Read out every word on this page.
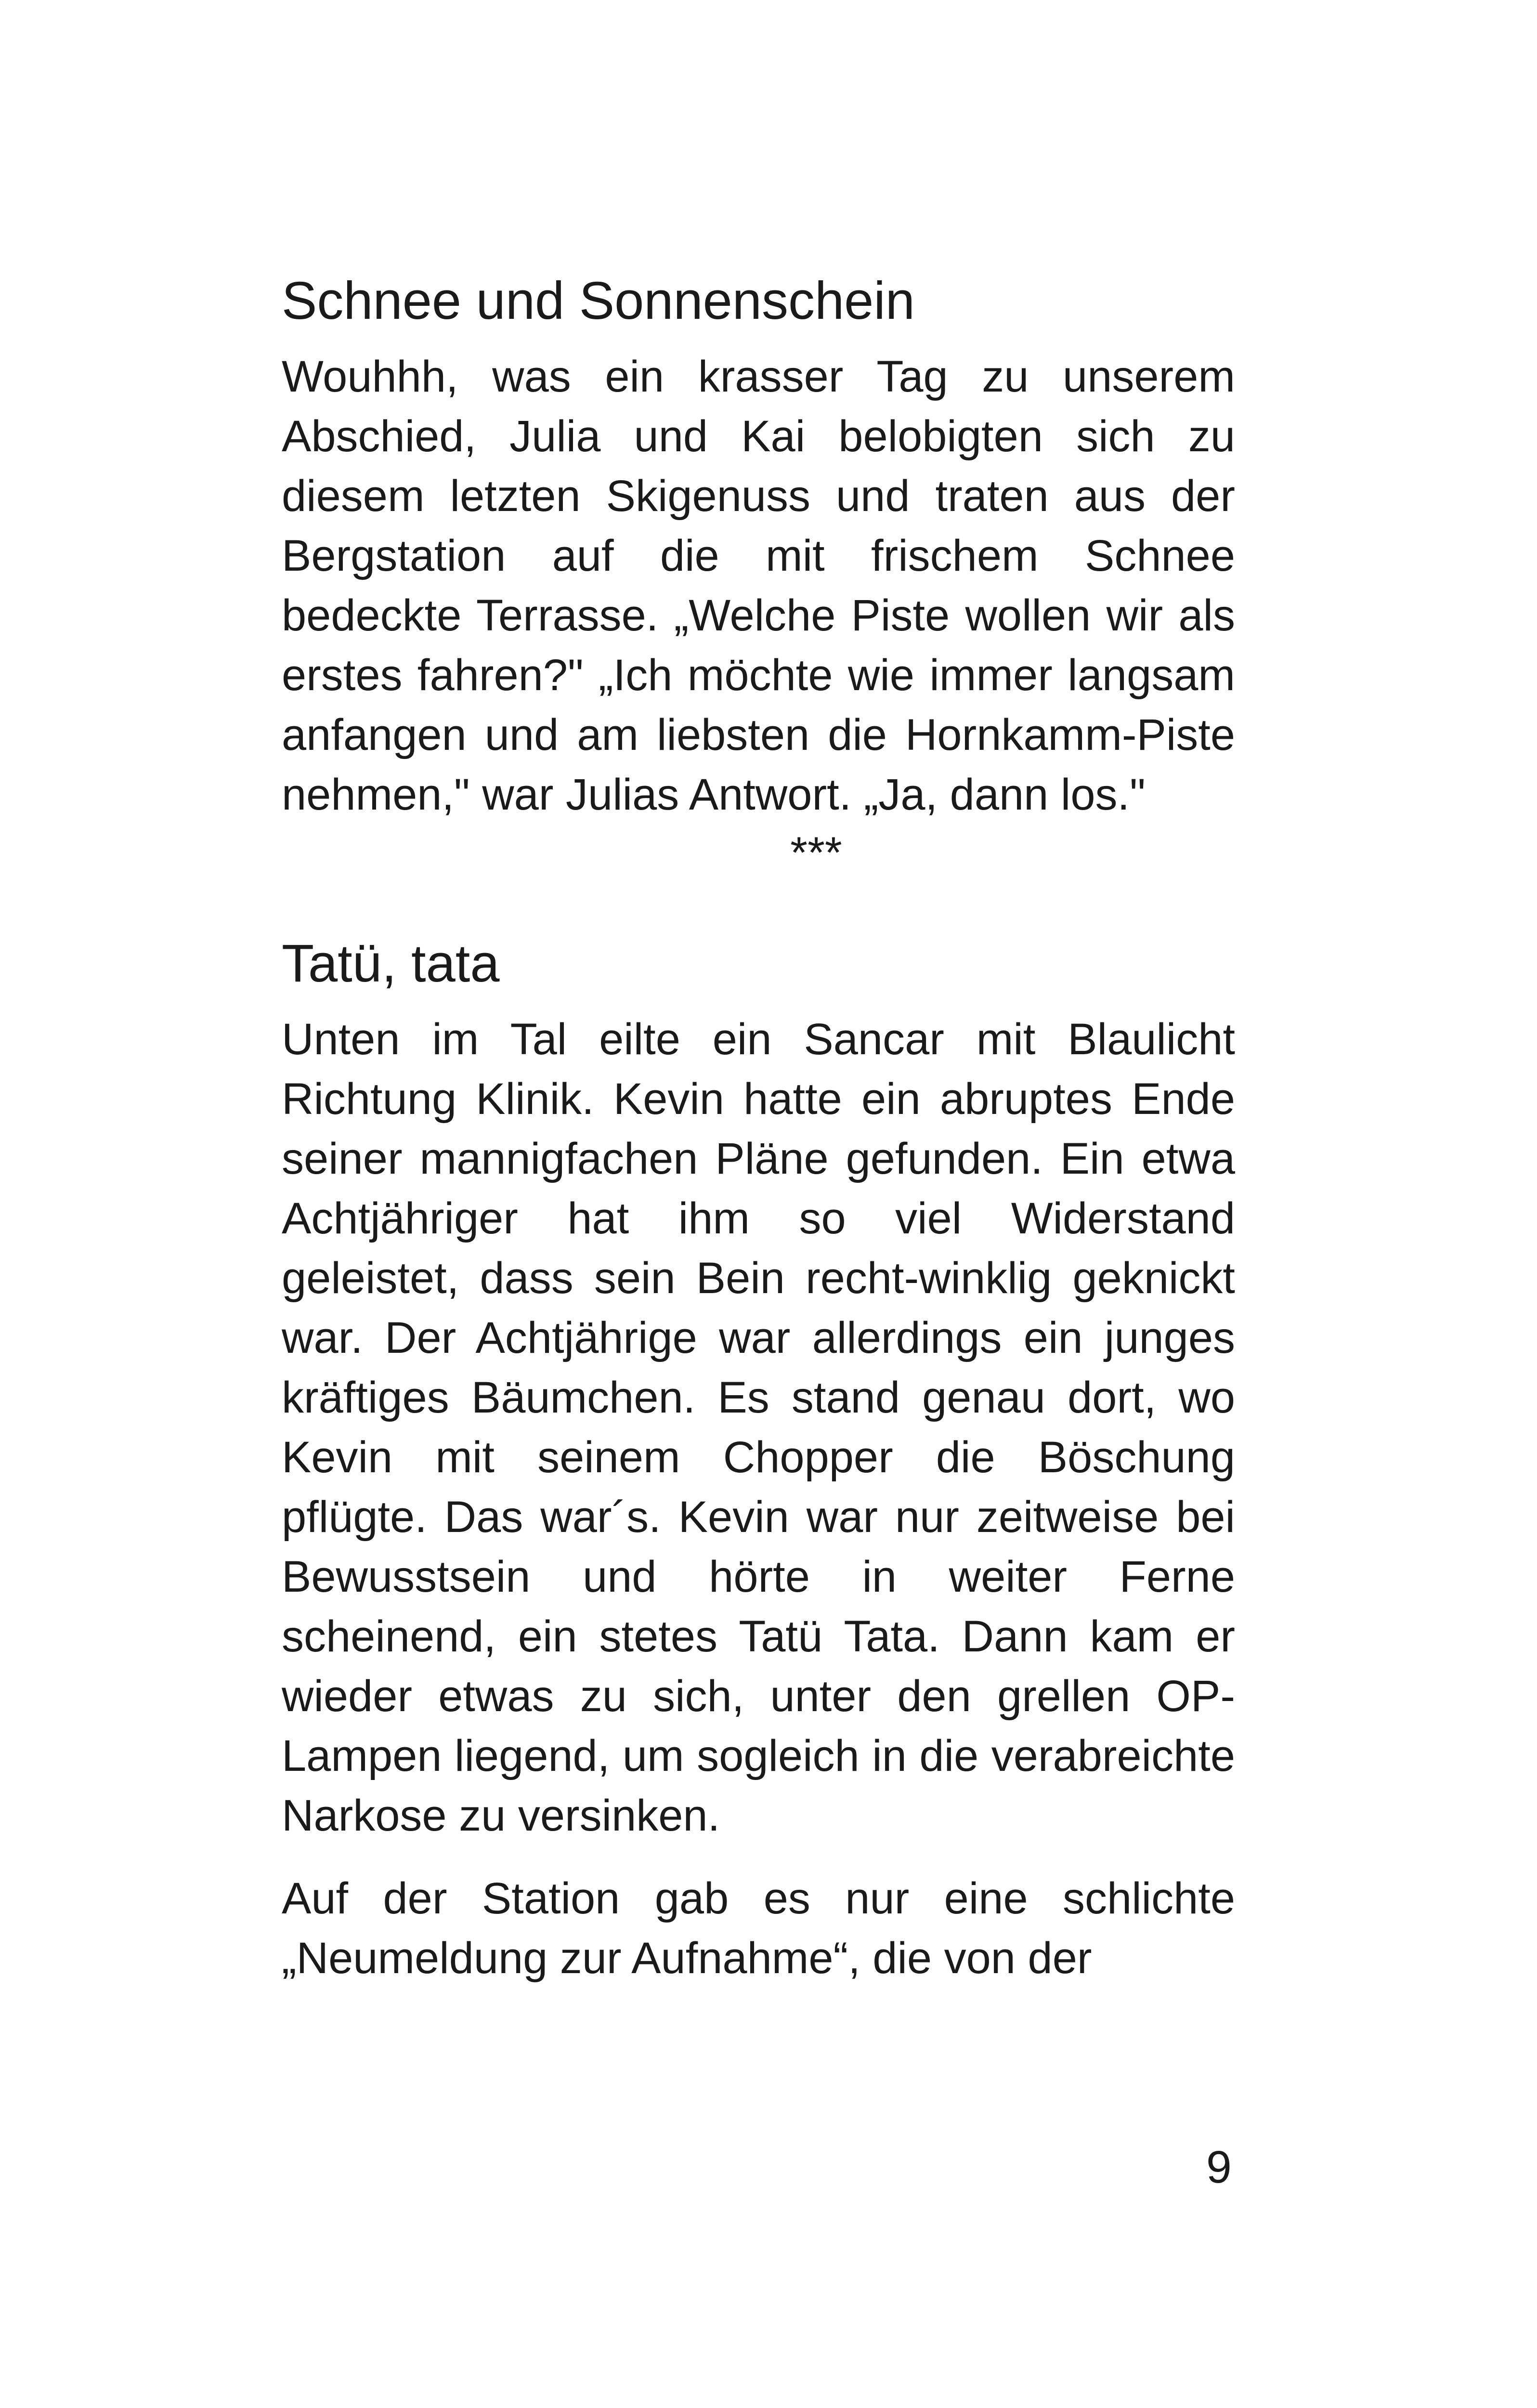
Schnee und Sonnenschein

Wouhhh, was ein krasser Tag zu unserem Abschied, Julia und Kai belobigten sich zu diesem letzten Skigenuss und traten aus der Bergstation auf die mit frischem Schnee bedeckte Terrasse. „Welche Piste wollen wir als erstes fahren?" „Ich möchte wie immer langsam anfangen und am liebsten die Hornkamm-Piste nehmen," war Julias Antwort. „Ja, dann los."

***
Tatü, tata

Unten im Tal eilte ein Sancar mit Blaulicht Richtung Klinik. Kevin hatte ein abruptes Ende seiner mannigfachen Pläne gefunden. Ein etwa Achtjähriger hat ihm so viel Widerstand geleistet, dass sein Bein recht-winklig geknickt war. Der Achtjährige war allerdings ein junges kräftiges Bäumchen. Es stand genau dort, wo Kevin mit seinem Chopper die Böschung pflügte. Das war´s. Kevin war nur zeitweise bei Bewusstsein und hörte in weiter Ferne scheinend, ein stetes Tatü Tata. Dann kam er wieder etwas zu sich, unter den grellen OP-Lampen liegend, um sogleich in die verabreichte Narkose zu versinken.

Auf der Station gab es nur eine schlichte „Neumeldung zur Aufnahme“, die von der

9
